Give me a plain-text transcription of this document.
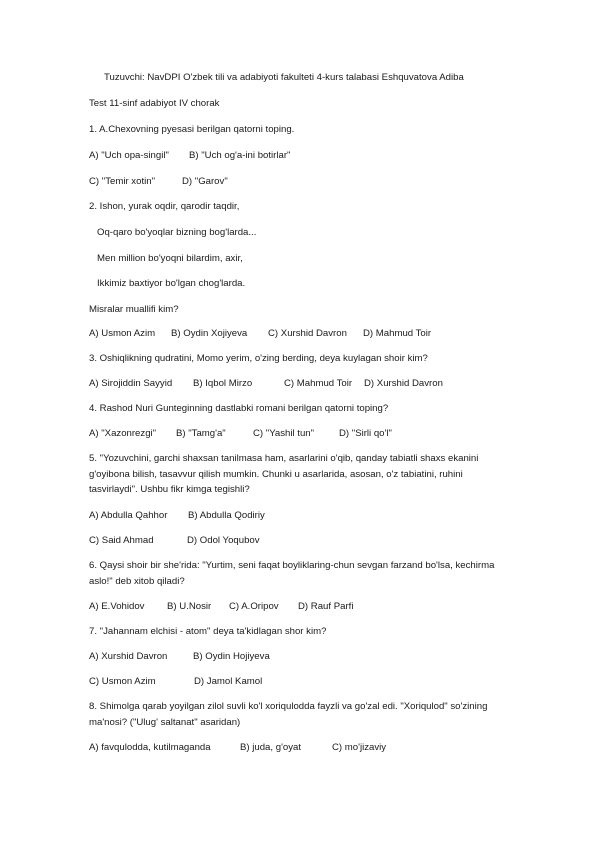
Tuzuvchi: NavDPI O'zbek tili va adabiyoti fakulteti 4-kurs talabasi Eshquvatova Adiba
Test 11-sinf adabiyot IV chorak
1. A.Chexovning pyesasi berilgan qatorni toping.
A) "Uch opa-singil" B) "Uch og'a-ini botirlar"
C) "Temir xotin"	D) "Garov"
2. Ishon, yurak oqdir, qarodir taqdir,
Oq-qaro bo'yoqlar bizning bog'larda...
Men million bo'yoqni bilardim, axir,
Ikkimiz baxtiyor bo'lgan chog'larda.
Misralar muallifi kim?
A) Usmon Azim B) Oydin Xojiyeva C) Xurshid Davron D) Mahmud Toir
3. Oshiqlikning qudratini, Momo yerim, o'zing berding, deya kuylagan shoir kim?
A) Sirojiddin Sayyid B) Iqbol Mirzo	C) Mahmud Toir D) Xurshid Davron
4. Rashod Nuri Gunteginning dastlabki romani berilgan qatorni toping?
A) "Xazonrezgi" B) "Tamg'a"	C) "Yashil tun"	D) "Sirli qo'l"
5. "Yozuvchini, garchi shaxsan tanilmasa ham, asarlarini o'qib, qanday tabiatli shaxs ekanini g'oyibona bilish, tasavvur qilish mumkin. Chunki u asarlarida, asosan, o'z tabiatini, ruhini tasvirlaydi". Ushbu fikr kimga tegishli?
A) Abdulla Qahhor B) Abdulla Qodiriy
C) Said Ahmad	D) Odol Yoqubov
6. Qaysi shoir bir she'rida: "Yurtim, seni faqat boyliklaring-chun sevgan farzand bo'lsa, kechirma aslo!" deb xitob qiladi?
A) E.Vohidov B) U.Nosir C) A.Oripov D) Rauf Parfi
7. "Jahannam elchisi - atom" deya ta'kidlagan shor kim?
A) Xurshid Davron	B) Oydin Hojiyeva
C) Usmon Azim	D) Jamol Kamol
8. Shimolga qarab yoyilgan zilol suvli ko'l xoriqulodda fayzli va go'zal edi. "Xoriqulod" so'zining ma'nosi? ("Ulug' saltanat" asaridan)
A) favqulodda, kutilmaganda	B) juda, g'oyat	C) mo'jizaviy
